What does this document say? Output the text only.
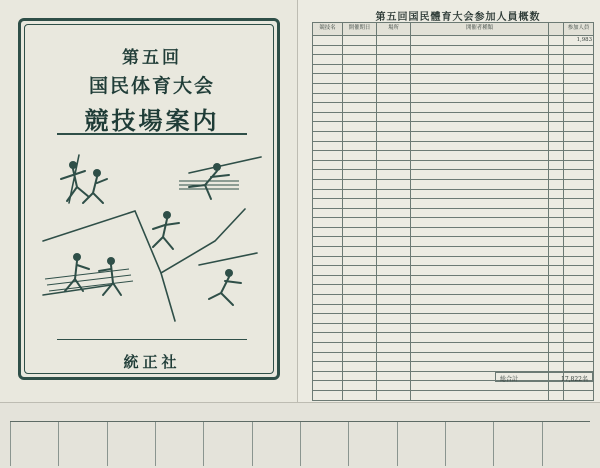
第五回
国民体育大会
競技場案内
統正社
第五回国民體育大会参加人員概数
競技名	開催期日	場所	開催者種類		参加人員
					1,983

総合計	17,822名
